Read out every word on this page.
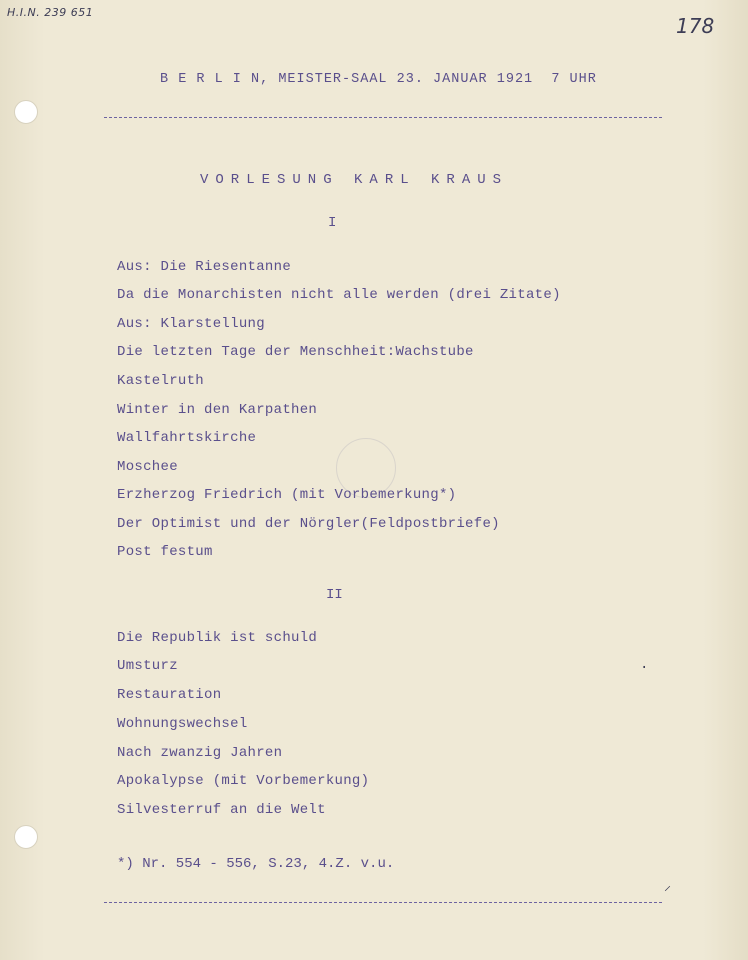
H.I.N. 239 651
178
B E R L I N, MEISTER-SAAL 23. JANUAR 1921  7 UHR
VORLESUNG KARL KRAUS
I
Aus: Die Riesentanne
Da die Monarchisten nicht alle werden (drei Zitate)
Aus: Klarstellung
Die letzten Tage der Menschheit:Wachstube
Kastelruth
Winter in den Karpathen
Wallfahrtskirche
Moschee
Erzherzog Friedrich (mit Vorbemerkung*)
Der Optimist und der Nörgler(Feldpostbriefe)
Post festum
II
Die Republik ist schuld
Umsturz
Restauration
Wohnungswechsel
Nach zwanzig Jahren
Apokalypse (mit Vorbemerkung)
Silvesterruf an die Welt
*) Nr. 554 - 556, S.23, 4.Z. v.u.
·
⸝
